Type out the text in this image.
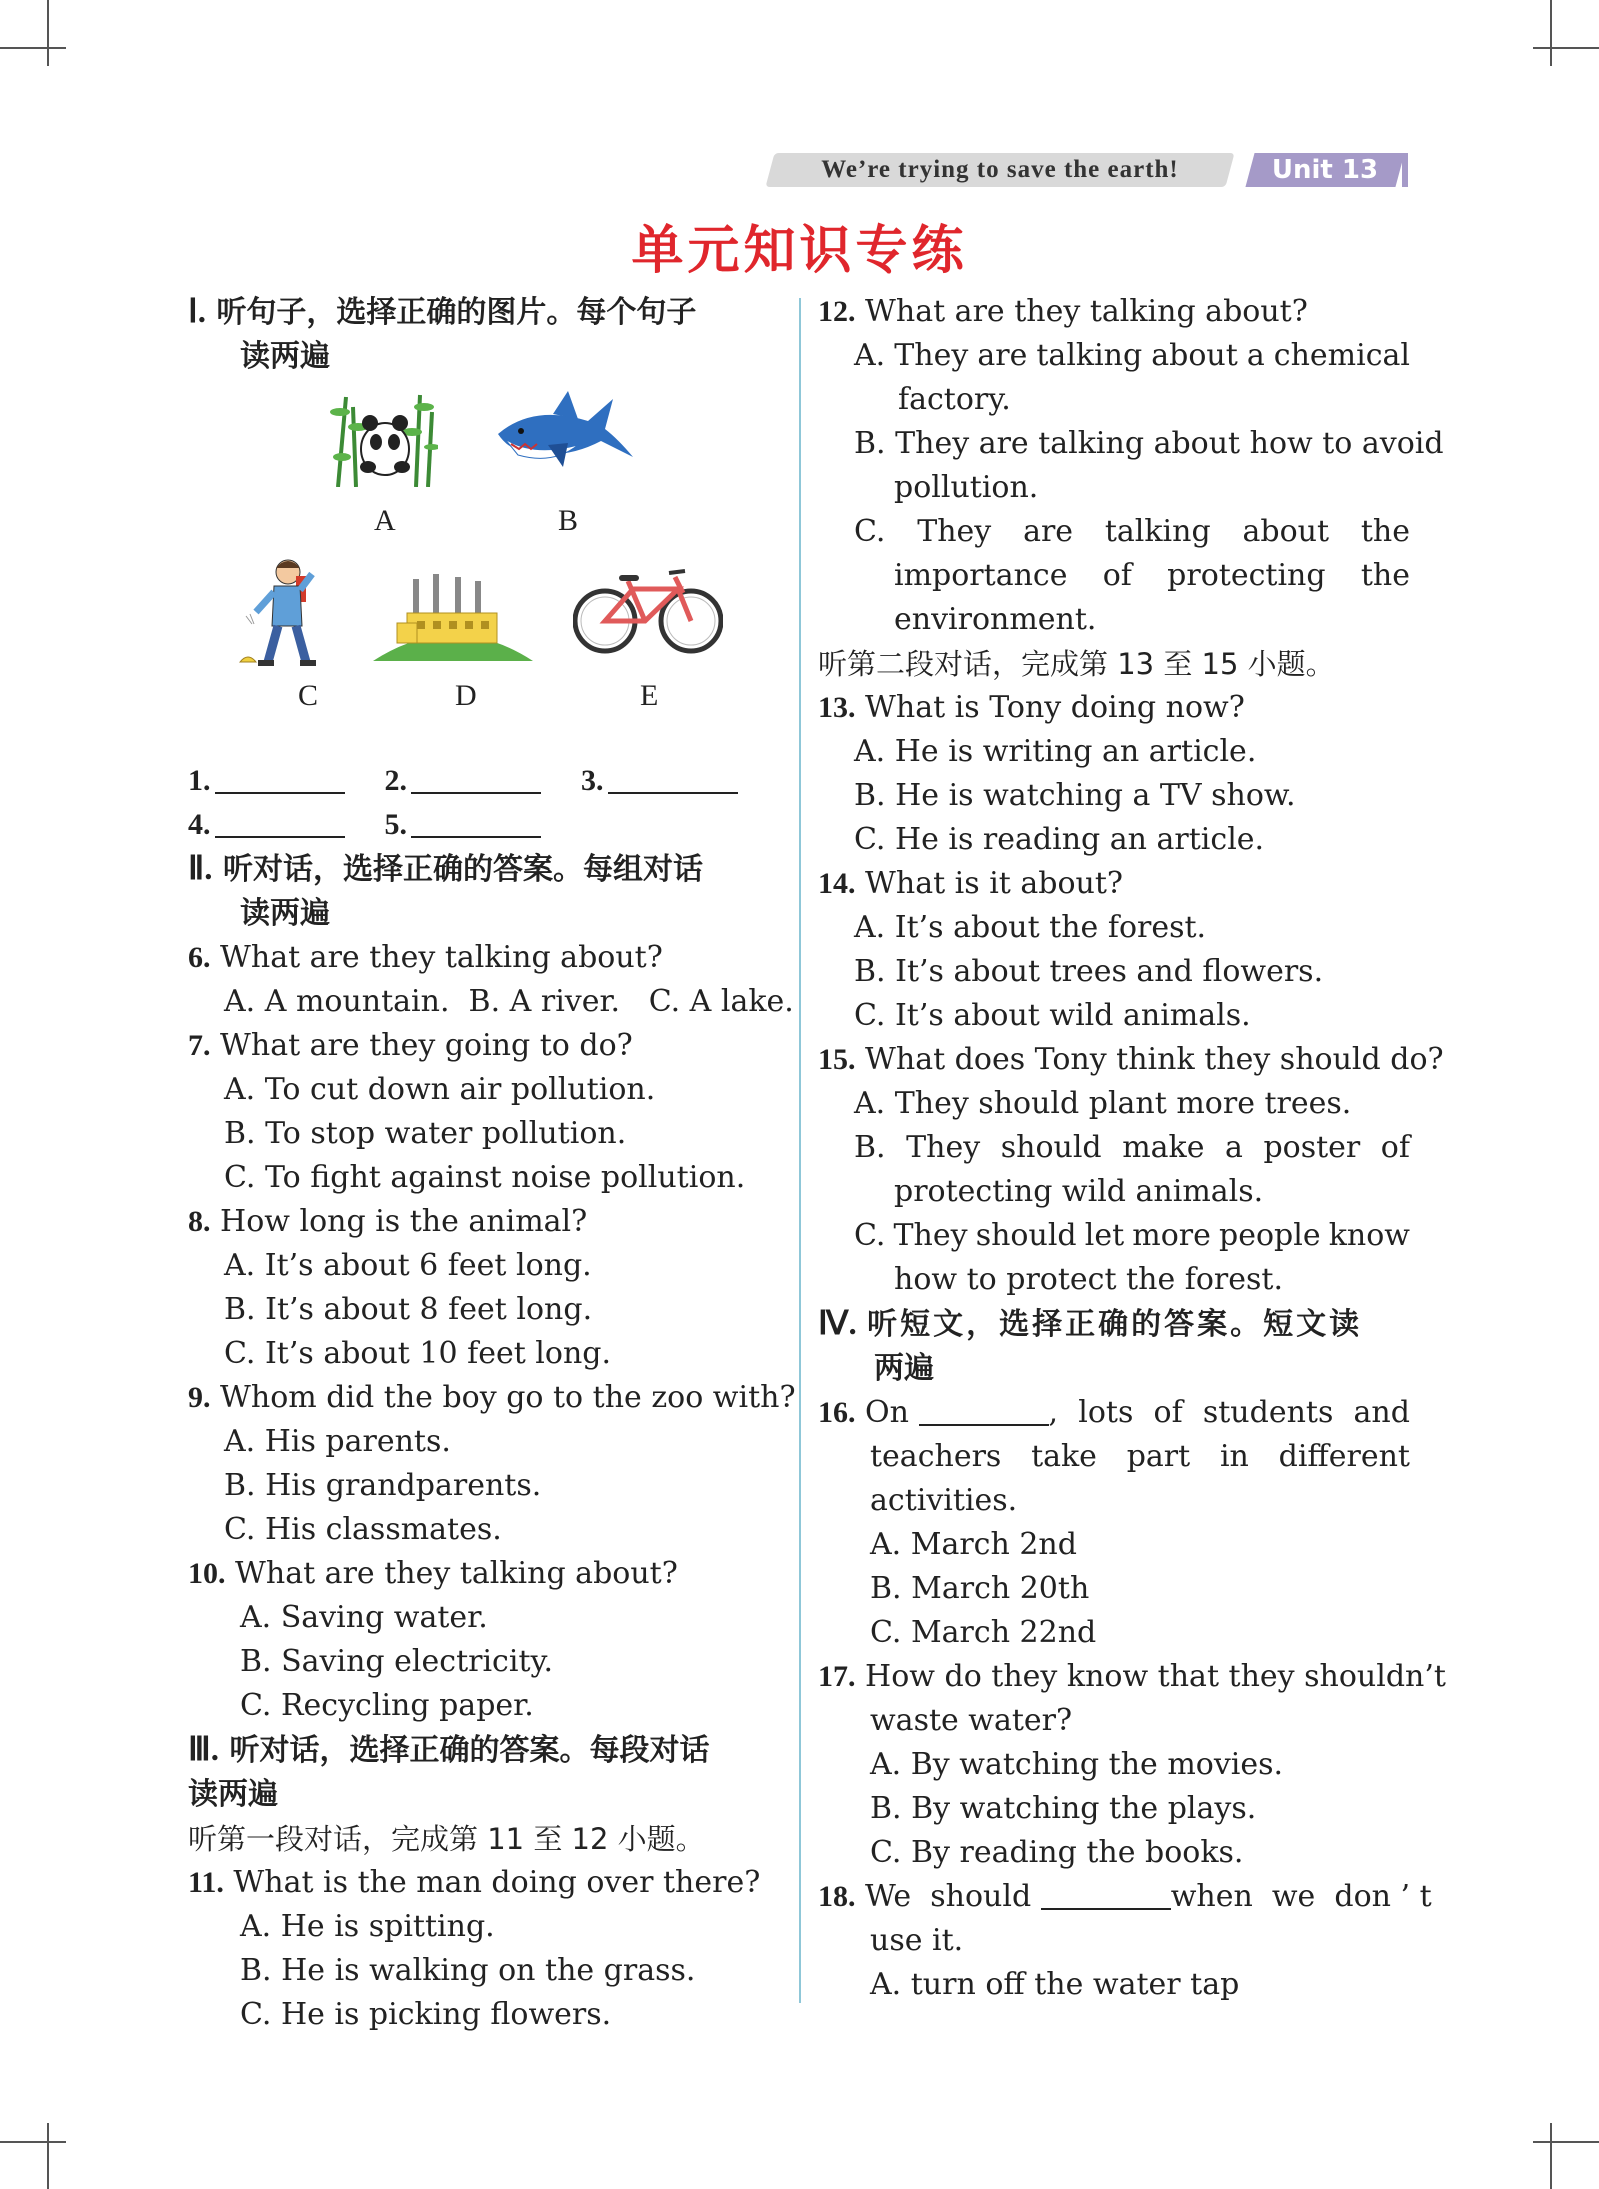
We’re trying to save the earth!	Unit 13
单元知识专练
Ⅰ. 听句子，选择正确的图片。每个句子
读两遍
A	B
C	D	E
1.	2.	3.
4.	5.
Ⅱ. 听对话，选择正确的答案。每组对话
读两遍
6. What are they talking about?
A. A mountain.  B. A river.   C. A lake.
7. What are they going to do?
A. To cut down air pollution.
B. To stop water pollution.
C. To fight against noise pollution.
8. How long is the animal?
A. It’s about 6 feet long.
B. It’s about 8 feet long.
C. It’s about 10 feet long.
9. Whom did the boy go to the zoo with?
A. His parents.
B. His grandparents.
C. His classmates.
10. What are they talking about?
A. Saving water.
B. Saving electricity.
C. Recycling paper.
Ⅲ. 听对话，选择正确的答案。每段对话
读两遍
听第一段对话，完成第 11 至 12 小题。
11. What is the man doing over there?
A. He is spitting.
B. He is walking on the grass.
C. He is picking flowers.
12. What are they talking about?
A. They are talking about a chemical
factory.
B. They are talking about how to avoid
pollution.
C. They are talking about the
importance of protecting the
environment.
听第二段对话，完成第 13 至 15 小题。
13. What is Tony doing now?
A. He is writing an article.
B. He is watching a TV show.
C. He is reading an article.
14. What is it about?
A. It’s about the forest.
B. It’s about trees and flowers.
C. It’s about wild animals.
15. What does Tony think they should do?
A. They should plant more trees.
B. They should make a poster of
protecting wild animals.
C. They should let more people know
how to protect the forest.
Ⅳ. 听短文，选择正确的答案。短文读
两遍
16. On	, lots of students and
teachers take part in different
activities.
A. March 2nd
B. March 20th
C. March 22nd
17. How do they know that they shouldn’t
waste water?
A. By watching the movies.
B. By watching the plays.
C. By reading the books.
18. We  should	when  we  don ’ t
use it.
A. turn off the water tap
